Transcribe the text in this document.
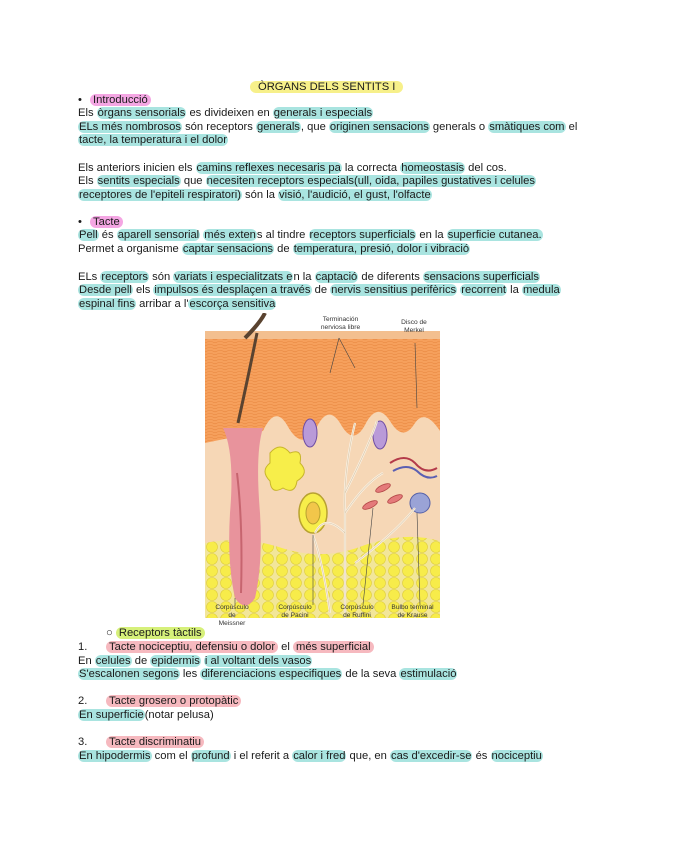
ÒRGANS DELS SENTITS I
• Introducció
Els òrgans sensorials es divideixen en generals i especials
ELs més nombrosos són receptors generals, que originen sensacions generals o smàtiques com el
tacte, la temperatura i el dolor
Els anteriors inicien els camins reflexes necesaris pa la correcta homeostasis del cos.
Els sentits especials que necesiten receptors especials(ull, oida, papiles gustatives i celules
receptores de l'epiteli respiratori) són la visió, l'audició, el gust, l'olfacte
• Tacte
Pell és aparell sensorial més extens al tindre receptors superficials en la superficie cutanea.
Permet a organisme captar sensacions de temperatura, presió, dolor i vibració
ELs receptors són variats i especialitzats en la captació de diferents sensacions superficials
Desde pell els impulsos és desplaçen a través de nervis sensitius perifèrics recorrent la medula
espinal fins arribar a l'escorça sensitiva
Terminación
nerviosa libre
Disco de
Merkel
Corpúsculo
de
Meissner
Corpúsculo
de Pacini
Corpúsculo
de Ruffini
Bulbo terminal
de Krause
○ Receptors tàctils
1. Tacte nociceptiu, defensiu o dolor el més superficial
En celules de epidermis i al voltant dels vasos
S'escalonen segons les diferenciacions especifiques de la seva estimulació
2. Tacte grosero o protopàtic
En superficie(notar pelusa)
3. Tacte discriminatiu
En hipodermis com el profund i el referit a calor i fred que, en cas d'excedir-se és nociceptiu
